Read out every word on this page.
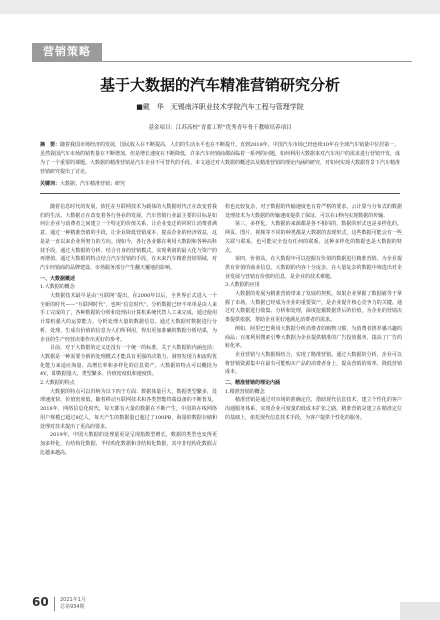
营销策略
基于大数据的汽车精准营销研究分析
■戴　华　无锡南洋职业技术学院汽车工程与管理学院
基金项目：江苏高校“青蓝工程”优秀青年骨干教师培养项目
摘　要：随着我国市场经济的发展，国民收入在不断提高，人们的生活水平也在不断提升。直到2018年，中国汽车市场已经连续10年在全球汽车销量中位居第一。虽然我国汽车市场的销售量在不断增加，但是增长速度在不断降低，许多汽车经销商都面临着一系列的问题，如何利用大数据来对汽车用户的需求进行营销开发，成为了一个重要的课题。大数据的精准营销是汽车企业不可替代的手段。本文通过对大数据的概述以及精准营销的理论内涵的研究，对如何实现大数据背景下汽车精准营销研究提出了讨论。
关键词：大数据；汽车精准营销；研究

随着信息时代的发展，依托在互联网技术为载体的大数据时代正在改变着我们的生活。大数据正在改变着各行各业的发展，汽车营销行业最主要的目标是如何让企业与消费者之间建立一个特定的价值关系，让企业变迁的同时让消费者满意。通过一种精准营销的手段，让企业降低营销成本，提高企业的经济效益，这是是一直以来企业所努力的方向。现如今，各行各业都在利用大数据和各种高科技手段，通过大数据的分析、结合自身的营销模式，实现利润的最大化与资产的再增值。通过大数据的特点结合汽车营销的手段，在未来汽车精准营销领域，对汽车经销商的品牌建设、市场服务部分产生翻天覆地的影响。

一、大数据概述

1.大数据的概念

大数据技术最早是由“互联网”提出，在2000年以后，全世界正式进入一个全新的时代——“互联网时代”，也叫“信息时代”。分析数据已经不单单是由人来手工完成的了，各种数据的分析和处理由计算机系统代替人工来完成，通过使用计算机强大的运算能力，分析处理大量的数据信息。通过大数据对数据进行分析、处理，生成有价值的信息为人们所利用，得出更加准确的数据分析结果，为企业的生产经营决策作出更好的参考。

目前，对于大数据的定义还没有一个统一的标准，关于大数据的内涵包括：大数据是一种需要全新的处理模式才能具有更强的决策力、洞察发现力和流程优化能力来适应海量、高增长率和多样化的信息资产。大数据的特点可以概括为4V，即数据量大、类型繁多、价值密度低和速度快。

2.大数据的特点

大数据的特点可以归纳为以下四个方面：数据体量巨大，数据类型繁多，处理速度快，价值密度低。随着移动互联网技术和各类智能终端设备的不断普及，2018年，网络信息化时代，每天都有大量的数据在不断产生，中国的在线网络用户规模已超过8亿人，每天产生的数据量已超过了100PB，海量的数据存储和处理对技术提出了更高的要求。

2019年，中国大数据的处理量更是呈现指数型增长，数据的类型也变得更加多样化，有结构化数据、半结构化数据和非结构化数据，其中非结构化数据占比越来越高。

构也比较复杂，对于数据的传输速度也有着严格的要求，云计算与分布式的数据处理技术为大数据的传输速度提供了保证，可以在1秒内实现数据的传输。

第三，多样化。大数据的来源都是各不相同的，数据的形式也是多样化的。网页、图片、视频等不同的种类都是大数据的表现形式，这些数据可能会有一些关联与联系，也可能完全没有任何的联系，这种多样化的数据也是大数据的特点。

第四，价值高。在大数据中可以挖掘有价值的数据进行精准营销，为企业提供有价值的商业信息。大数据的内容十分庞杂，在大量复杂的数据中筛选出对企业发展与营销有价值的信息，是企业的技术难题。

3.大数据的应用

大数据的发展为精准营销带来了发展的契机。如果企业掌握了数据就等于掌握了市场，大数据已经成为企业的重要资产，是企业提升核心竞争力的关键。通过对大数据进行收集、分析和处理，深度挖掘数据背后的价值，为企业的营销决策提供依据，帮助企业更好地满足消费者的需求。

例如，阿里巴巴利用大数据分析消费者的购物习惯，为消费者推荐感兴趣的商品；百度利用搜索引擎大数据为企业提供精准的广告投放服务，提高了广告的转化率。

企业营销与大数据相结合，实现了精准营销。通过大数据的分析，企业可以将营销资源集中在最有可能购买产品的消费者身上，提高营销的效率，降低营销成本。

二、精准营销的理论内涵

1.精准营销的概念

精准营销是通过对市场的准确定位，借助现代信息技术，建立个性化的客户沟通服务体系，实现企业可度量的低成本扩张之路。精准营销是建立在精准定位的基础上，依托现代信息技术手段，为客户提供个性化的服务。

60 2021年1月
总第934期
